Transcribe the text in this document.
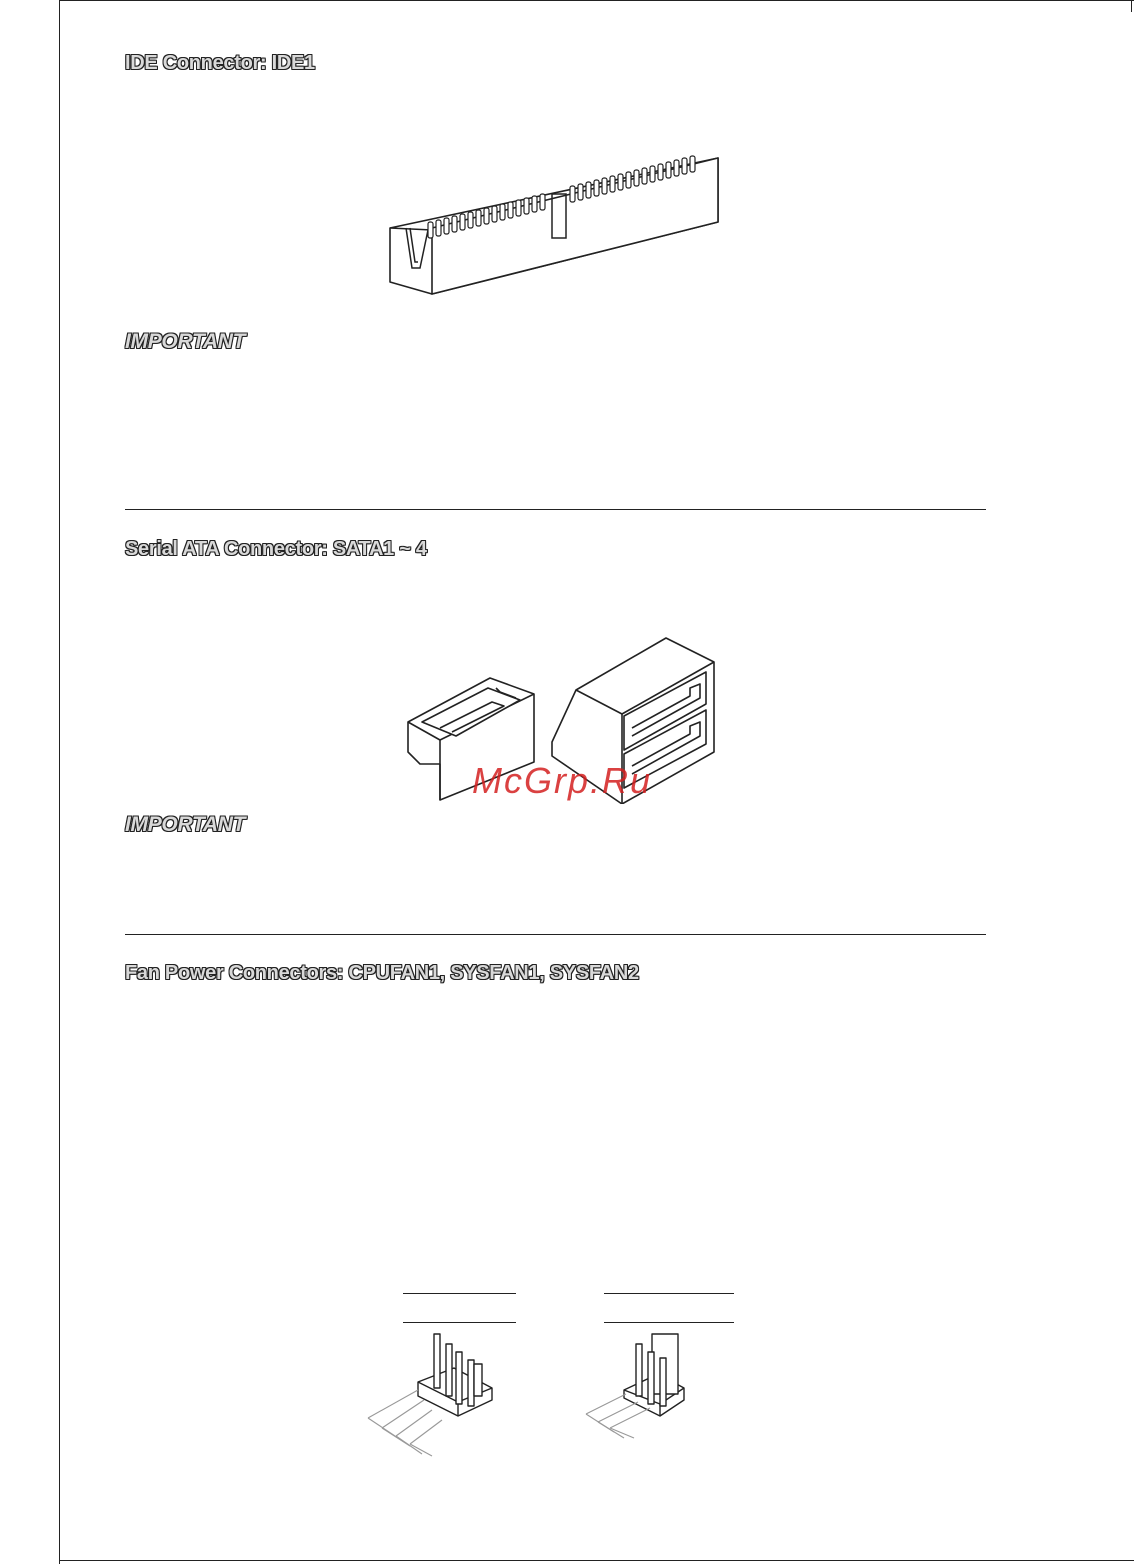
IDE Connector: IDE1
IMPORTANT
Serial ATA Connector: SATA1 ~ 4

McGrp.Ru

IMPORTANT
Fan Power Connectors: CPUFAN1, SYSFAN1, SYSFAN2
